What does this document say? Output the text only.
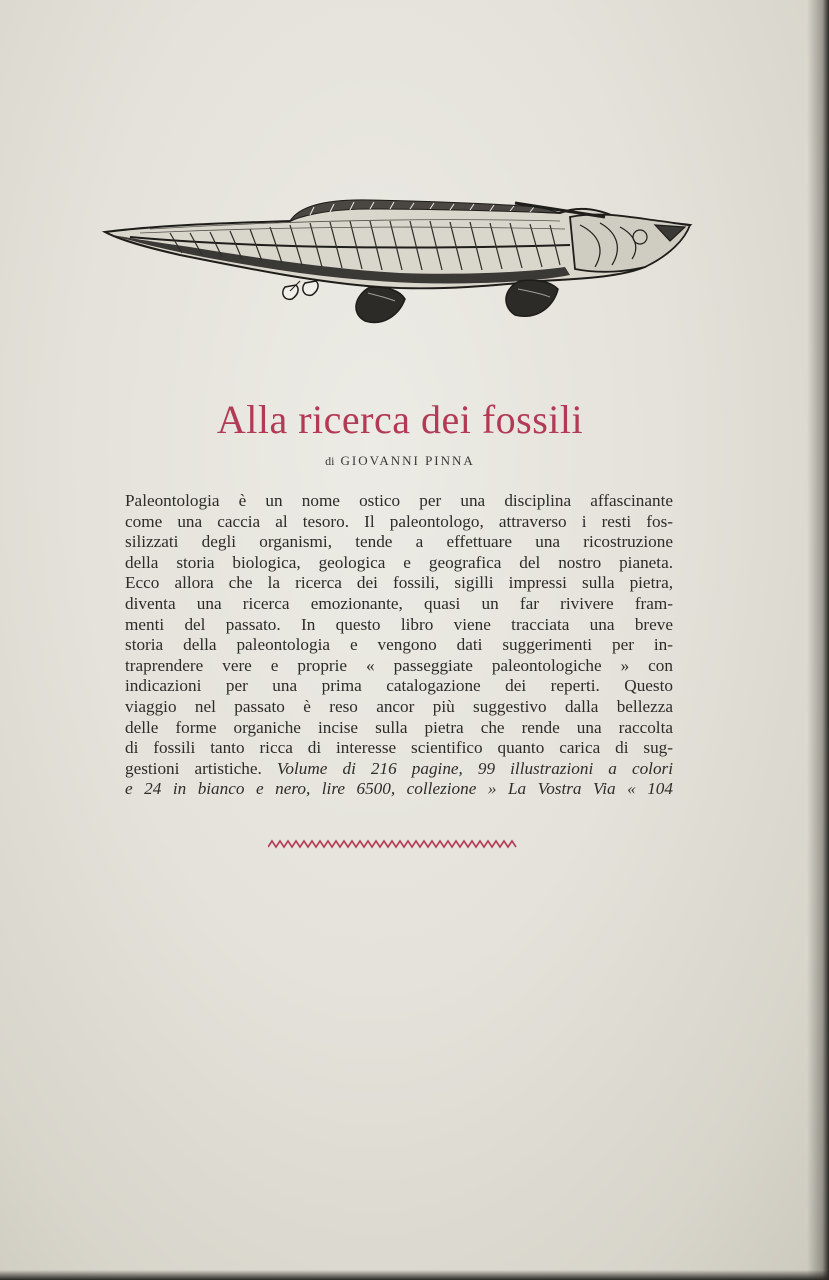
Alla ricerca dei fossili
di GIOVANNI PINNA
Paleontologia è un nome ostico per una disciplina affascinante
come una caccia al tesoro. Il paleontologo, attraverso i resti fos-
silizzati degli organismi, tende a effettuare una ricostruzione
della storia biologica, geologica e geografica del nostro pianeta.
Ecco allora che la ricerca dei fossili, sigilli impressi sulla pietra,
diventa una ricerca emozionante, quasi un far rivivere fram-
menti del passato. In questo libro viene tracciata una breve
storia della paleontologia e vengono dati suggerimenti per in-
traprendere vere e proprie « passeggiate paleontologiche » con
indicazioni per una prima catalogazione dei reperti. Questo
viaggio nel passato è reso ancor più suggestivo dalla bellezza
delle forme organiche incise sulla pietra che rende una raccolta
di fossili tanto ricca di interesse scientifico quanto carica di sug-
gestioni artistiche. Volume di 216 pagine, 99 illustrazioni a colori
e 24 in bianco e nero, lire 6500, collezione » La Vostra Via « 104
